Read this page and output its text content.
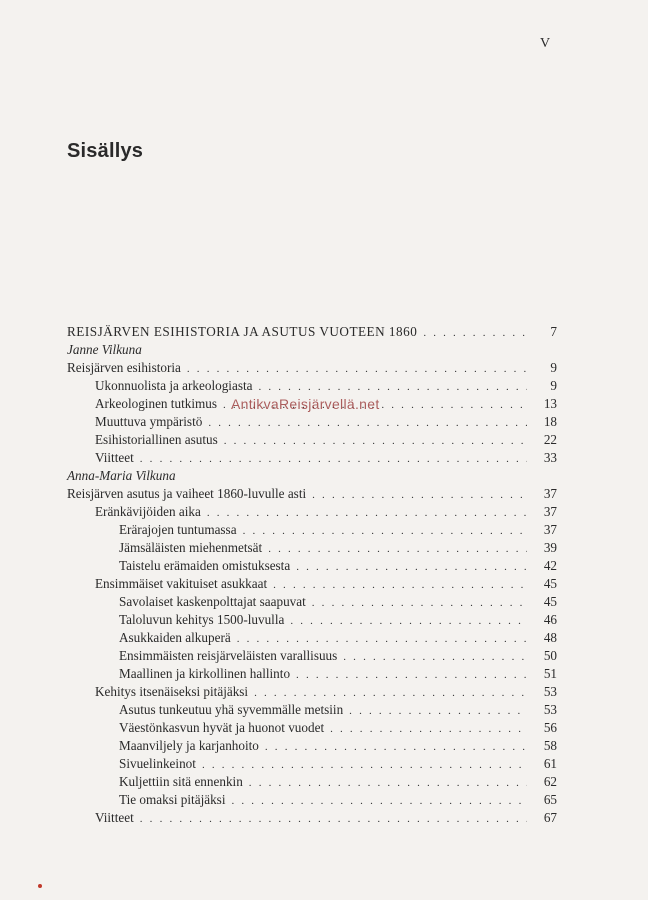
V
Sisällys
REISJÄRVEN ESIHISTORIA JA ASUTUS VUOTEEN 1860 . . .	7
Janne Vilkuna
Reisjärven esihistoria . . .	9
Ukonnuolista ja arkeologiasta . . .	9
Arkeologinen tutkimus . . .	13
Muuttuva ympäristö . . .	18
Esihistoriallinen asutus . . .	22
Viitteet . . .	33
Anna-Maria Vilkuna
Reisjärven asutus ja vaiheet 1860-luvulle asti . . .	37
Eränkävijöiden aika . . .	37
Erärajojen tuntumassa . . .	37
Jämsäläisten miehenmetsät . . .	39
Taistelu erämaiden omistuksesta . . .	42
Ensimmäiset vakituiset asukkaat . . .	45
Savolaiset kaskenpolttajat saapuvat . . .	45
Taloluvun kehitys 1500-luvulla . . .	46
Asukkaiden alkuperä . . .	48
Ensimmäisten reisjärveläisten varallisuus . . .	50
Maallinen ja kirkollinen hallinto . . .	51
Kehitys itsenäiseksi pitäjäksi . . .	53
Asutus tunkeutuu yhä syvemmälle metsiin . . .	53
Väestönkasvun hyvät ja huonot vuodet . . .	56
Maanviljely ja karjanhoito . . .	58
Sivuelinkeinot . . .	61
Kuljettiin sitä ennenkin . . .	62
Tie omaksi pitäjäksi . . .	65
Viitteet . . .	67
AntikvaReisjärvellä.net
